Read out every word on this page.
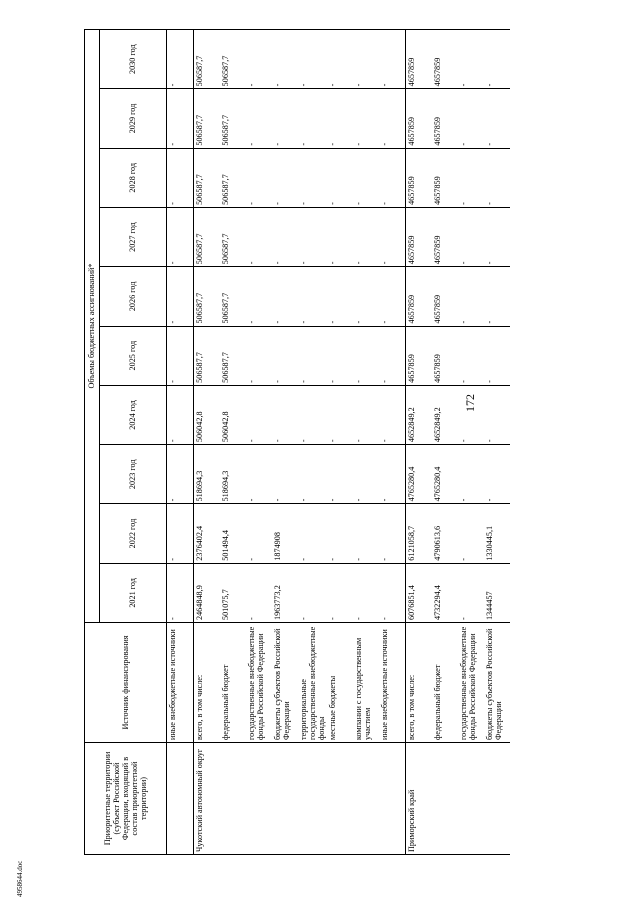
172
4958644.doc
Приоритетные территории (субъект Российской Федерации, входящий в состав приоритетной территории)	Источник финансирования	Объемы бюджетных ассигнований*									
		2021 год	2022 год	2023 год	2024 год	2025 год	2026 год	2027 год	2028 год	2029 год	2030 год
	иные внебюджетные источники	-	-	-	-	-	-	-	-	-	-
Чукотский автономный округ	всего, в том числе:	2464848,9	2376402,4	518694,3	506042,8	506587,7	506587,7	506587,7	506587,7	506587,7	506587,7
	федеральный бюджет	501075,7	501494,4	518694,3	506042,8	506587,7	506587,7	506587,7	506587,7	506587,7	506587,7
	государственные внебюджетные фонды Российской Федерации	-	-	-	-	-	-	-	-	-	-
	бюджеты субъектов Российской Федерации	1963773,2	1874908	-	-	-	-	-	-	-	-
	территориальные государственные внебюджетные фонды	-	-	-	-	-	-	-	-	-	-
	местные бюджеты	-	-	-	-	-	-	-	-	-	-
	компании с государственным участием	-	-	-	-	-	-	-	-	-	-
	иные внебюджетные источники	-	-	-	-	-	-	-	-	-	-
Приморский край	всего, в том числе:	6076851,4	6121058,7	4765280,4	4652849,2	4657859	4657859	4657859	4657859	4657859	4657859
	федеральный бюджет	4732294,4	4790613,6	4765280,4	4652849,2	4657859	4657859	4657859	4657859	4657859	4657859
	государственные внебюджетные фонды Российской Федерации	-	-	-	-	-	-	-	-	-	-
	бюджеты субъектов Российской Федерации	1344457	1330445,1	-	-	-	-	-	-	-	-
